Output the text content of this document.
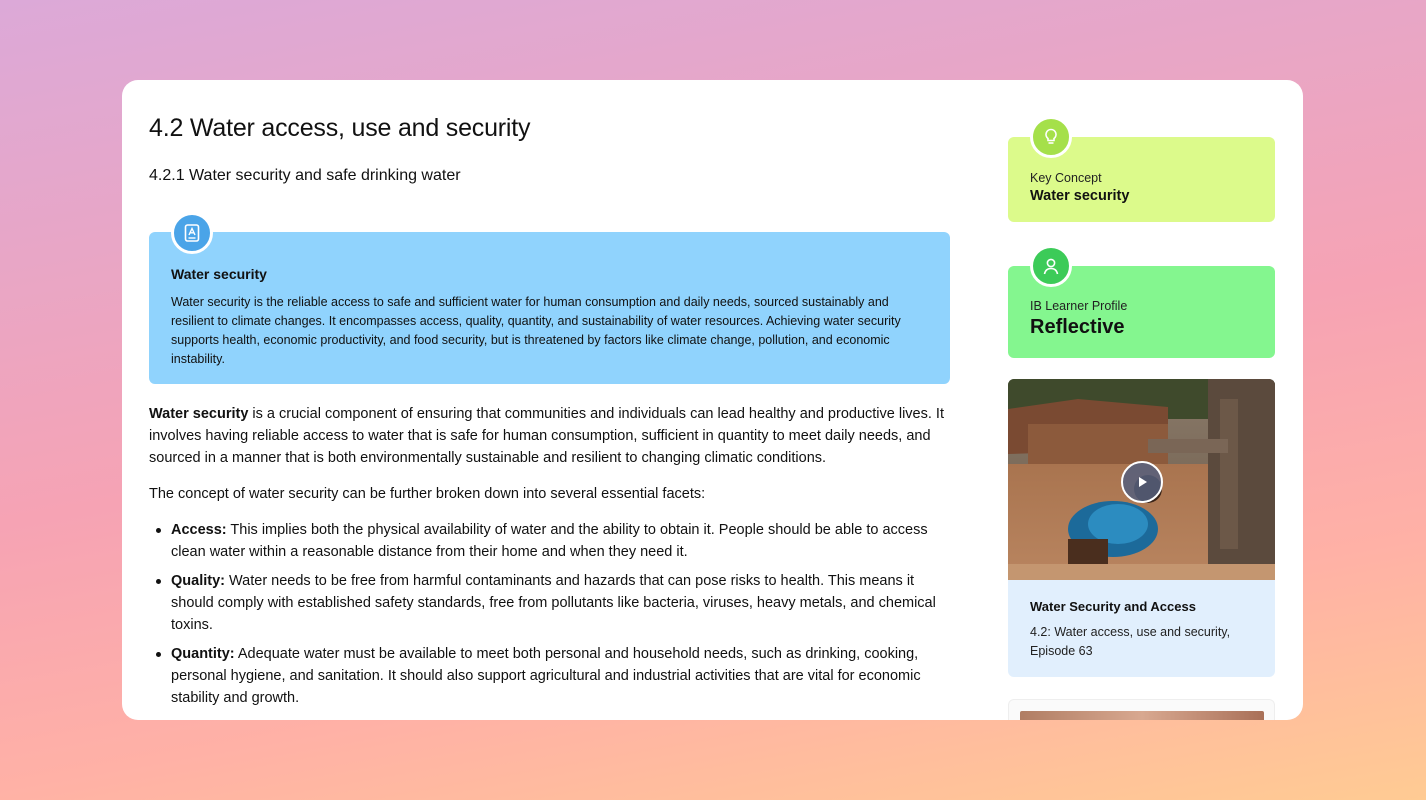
4.2 Water access, use and security
4.2.1 Water security and safe drinking water
Water security
Water security is the reliable access to safe and sufficient water for human consumption and daily needs, sourced sustainably and resilient to climate changes. It encompasses access, quality, quantity, and sustainability of water resources. Achieving water security supports health, economic productivity, and food security, but is threatened by factors like climate change, pollution, and economic instability.

Water security is a crucial component of ensuring that communities and individuals can lead healthy and productive lives. It involves having reliable access to water that is safe for human consumption, sufficient in quantity to meet daily needs, and sourced in a manner that is both environmentally sustainable and resilient to changing climatic conditions.

The concept of water security can be further broken down into several essential facets:

Access: This implies both the physical availability of water and the ability to obtain it. People should be able to access clean water within a reasonable distance from their home and when they need it.
Quality: Water needs to be free from harmful contaminants and hazards that can pose risks to health. This means it should comply with established safety standards, free from pollutants like bacteria, viruses, heavy metals, and chemical toxins.
Quantity: Adequate water must be available to meet both personal and household needs, such as drinking, cooking, personal hygiene, and sanitation. It should also support agricultural and industrial activities that are vital for economic stability and growth.
Key Concept
Water security
IB Learner Profile
Reflective
Water Security and Access
4.2: Water access, use and security, Episode 63
